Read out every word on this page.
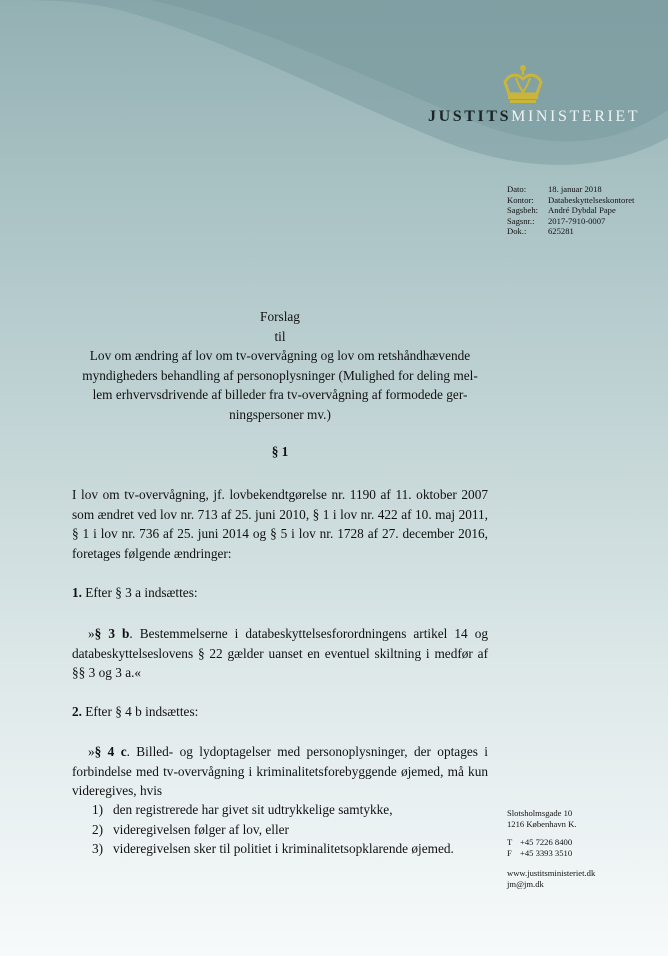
JUSTITSMINISTERIET
Dato:	18. januar 2018
Kontor:	Databeskyttelseskontoret
Sagsbeh:	André Dybdal Pape
Sagsnr.:	2017-7910-0007
Dok.:	625281
Forslag
til
Lov om ændring af lov om tv-overvågning og lov om retshåndhævende
myndigheders behandling af personoplysninger (Mulighed for deling mel-
lem erhvervsdrivende af billeder fra tv-overvågning af formodede ger-
ningspersoner mv.)
§ 1

I lov om tv-overvågning, jf. lovbekendtgørelse nr. 1190 af 11. oktober 2007 som ændret ved lov nr. 713 af 25. juni 2010, § 1 i lov nr. 422 af 10. maj 2011, § 1 i lov nr. 736 af 25. juni 2014 og § 5 i lov nr. 1728 af 27. december 2016, foretages følgende ændringer:

1. Efter § 3 a indsættes:

»§ 3 b. Bestemmelserne i databeskyttelsesforordningens artikel 14 og databeskyttelseslovens § 22 gælder uanset en eventuel skiltning i medfør af §§ 3 og 3 a.«

2. Efter § 4 b indsættes:

»§ 4 c. Billed- og lydoptagelser med personoplysninger, der optages i forbindelse med tv-overvågning i kriminalitetsforebyggende øjemed, må kun videregives, hvis

1) den registrerede har givet sit udtrykkelige samtykke,
2) videregivelsen følger af lov, eller
3) videregivelsen sker til politiet i kriminalitetsopklarende øjemed.
Slotsholmsgade 10
1216 København K.
T +45 7226 8400
F +45 3393 3510
www.justitsministeriet.dk
jm@jm.dk
